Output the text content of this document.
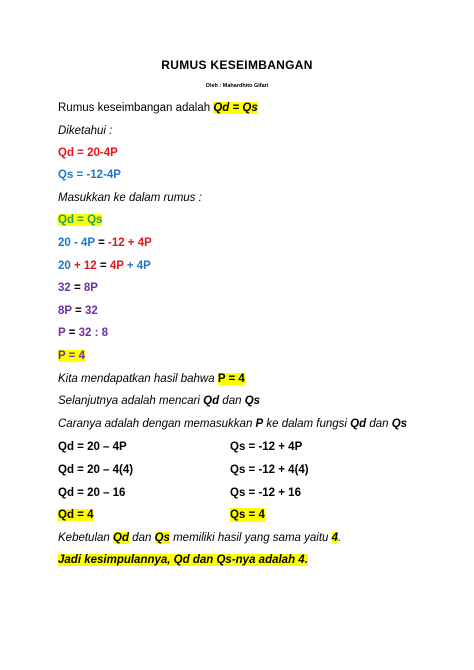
RUMUS KESEIMBANGAN
Oleh : Mahardhito Gifari
Rumus keseimbangan adalah Qd = Qs
Diketahui :
Qd = 20-4P
Qs = -12-4P
Masukkan ke dalam rumus :
Qd = Qs
20 - 4P = -12 + 4P
20 + 12 = 4P + 4P
32 = 8P
8P = 32
P = 32 : 8
P = 4
Kita mendapatkan hasil bahwa P = 4
Selanjutnya adalah mencari Qd dan Qs
Caranya adalah dengan memasukkan P ke dalam fungsi Qd dan Qs
Qd = 20 – 4P	Qs = -12 + 4P
Qd = 20 – 4(4)	Qs = -12 + 4(4)
Qd = 20 – 16	Qs = -12 + 16
Qd = 4	Qs = 4
Kebetulan Qd dan Qs memiliki hasil yang sama yaitu 4.
Jadi kesimpulannya, Qd dan Qs-nya adalah 4.
